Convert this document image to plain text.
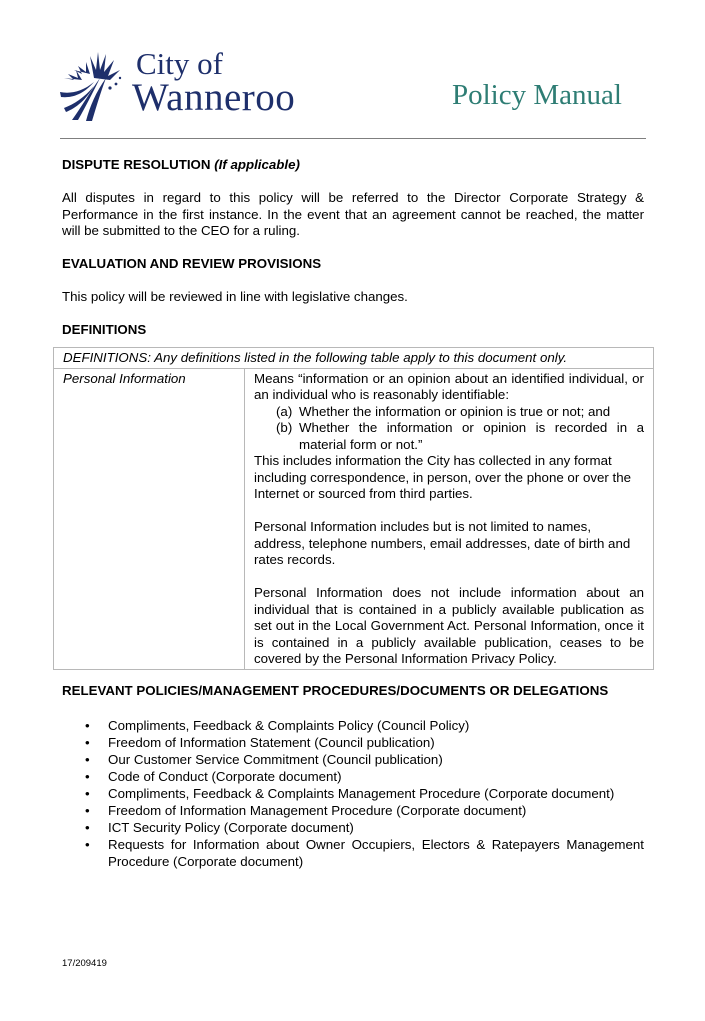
City of
Wanneroo	Policy Manual
DISPUTE RESOLUTION (If applicable)

All disputes in regard to this policy will be referred to the Director Corporate Strategy & Performance in the first instance. In the event that an agreement cannot be reached, the matter will be submitted to the CEO for a ruling.

EVALUATION AND REVIEW PROVISIONS

This policy will be reviewed in line with legislative changes.

DEFINITIONS
DEFINITIONS: Any definitions listed in the following table apply to this document only.
Personal Information	Means “information or an opinion about an identified individual, or an individual who is reasonably identifiable:

(a) Whether the information or opinion is true or not; and
(b) Whether the information or opinion is recorded in a material form or not.”

This includes information the City has collected in any format including correspondence, in person, over the phone or over the Internet or sourced from third parties.

Personal Information includes but is not limited to names, address, telephone numbers, email addresses, date of birth and rates records.

Personal Information does not include information about an individual that is contained in a publicly available publication as set out in the Local Government Act. Personal Information, once it is contained in a publicly available publication, ceases to be covered by the Personal Information Privacy Policy.

RELEVANT POLICIES/MANAGEMENT PROCEDURES/DOCUMENTS OR DELEGATIONS
• Compliments, Feedback & Complaints Policy (Council Policy)
• Freedom of Information Statement (Council publication)
• Our Customer Service Commitment (Council publication)
• Code of Conduct (Corporate document)
• Compliments, Feedback & Complaints Management Procedure (Corporate document)
• Freedom of Information Management Procedure (Corporate document)
• ICT Security Policy (Corporate document)
• Requests for Information about Owner Occupiers, Electors & Ratepayers Management Procedure (Corporate document)
17/209419
